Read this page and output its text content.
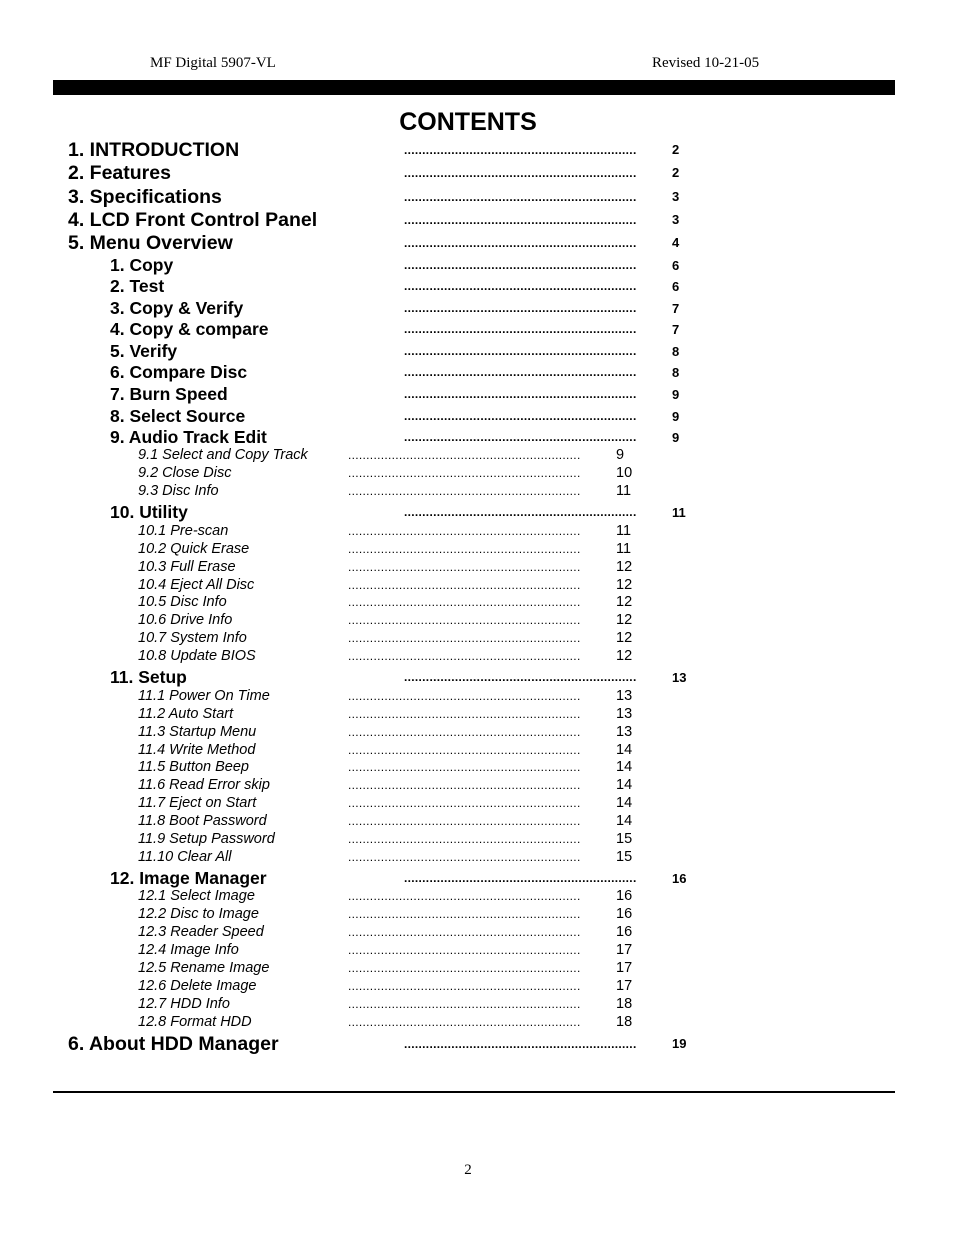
MF Digital 5907-VL	Revised 10-21-05
CONTENTS
1. INTRODUCTION	................................................................	2
2. Features	................................................................	2
3. Specifications	................................................................	3
4. LCD Front Control Panel	................................................................	3
5. Menu Overview	................................................................	4
1. Copy	................................................................	6
2. Test	................................................................	6
3. Copy & Verify	................................................................	7
4. Copy & compare	................................................................	7
5. Verify	................................................................	8
6. Compare Disc	................................................................	8
7. Burn Speed	................................................................	9
8. Select Source	................................................................	9
9. Audio Track Edit	................................................................	9
9.1 Select and Copy Track	................................................................	9
9.2 Close Disc	................................................................	10
9.3 Disc Info	................................................................	11
10. Utility	................................................................	11
10.1 Pre-scan	................................................................	11
10.2 Quick Erase	................................................................	11
10.3 Full Erase	................................................................	12
10.4 Eject All Disc	................................................................	12
10.5 Disc Info	................................................................	12
10.6 Drive Info	................................................................	12
10.7 System Info	................................................................	12
10.8 Update BIOS	................................................................	12
11. Setup	................................................................	13
11.1 Power On Time	................................................................	13
11.2 Auto Start	................................................................	13
11.3 Startup Menu	................................................................	13
11.4 Write Method	................................................................	14
11.5 Button Beep	................................................................	14
11.6 Read Error skip	................................................................	14
11.7 Eject on Start	................................................................	14
11.8 Boot Password	................................................................	14
11.9 Setup Password	................................................................	15
11.10 Clear All	................................................................	15
12. Image Manager	................................................................	16
12.1 Select Image	................................................................	16
12.2 Disc to Image	................................................................	16
12.3 Reader Speed	................................................................	16
12.4 Image Info	................................................................	17
12.5 Rename Image	................................................................	17
12.6 Delete Image	................................................................	17
12.7 HDD Info	................................................................	18
12.8 Format HDD	................................................................	18
6. About HDD Manager	................................................................	19
2
